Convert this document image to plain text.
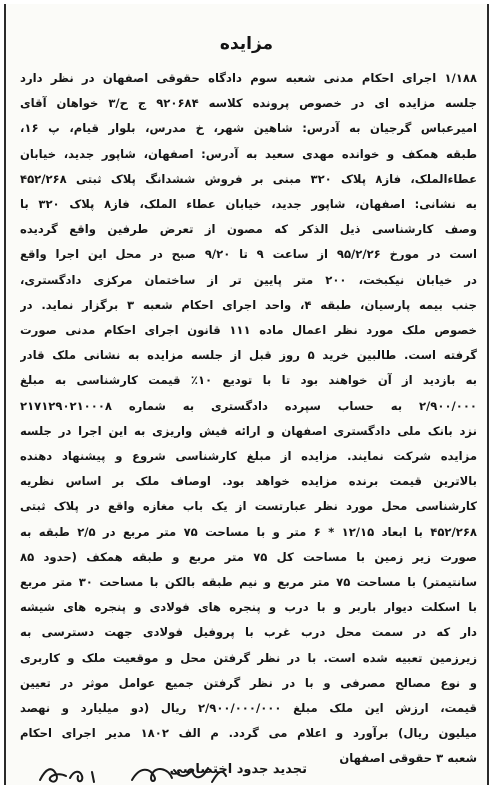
مزایده
۱/۱۸۸ اجرای احکام مدنی شعبه سوم دادگاه حقوقی اصفهان در نظر دارد
جلسه مزایده ای در خصوص پرونده کلاسه ۹۲۰۶۸۴ ج ح/۳ خواهان آقای
امیرعباس گرجیان به آدرس: شاهین شهر، خ مدرس، بلوار قیام، پ ۱۶،
طبقه همکف و خوانده مهدی سعید به آدرس: اصفهان، شاپور جدید، خیابان
عطاءالملک، فاز۸ پلاک ۳۲۰ مبنی بر فروش ششدانگ پلاک ثبتی ۴۵۲/۲۶۸
به نشانی: اصفهان، شاپور جدید، خیابان عطاء الملک، فاز۸ پلاک ۳۲۰ با
وصف کارشناسی ذیل الذکر که مصون از تعرض طرفین واقع گردیده
است در مورخ ۹۵/۲/۲۶ از ساعت ۹ تا ۹/۲۰ صبح در محل این اجرا واقع
در خیابان نیکبخت، ۲۰۰ متر پایین تر از ساختمان مرکزی دادگستری،
جنب بیمه پارسیان، طبقه ۴، واحد اجرای احکام شعبه ۳ برگزار نماید. در
خصوص ملک مورد نظر اعمال ماده ۱۱۱ قانون اجرای احکام مدنی صورت
گرفته است. طالبین خرید ۵ روز قبل از جلسه مزایده به نشانی ملک قادر
به بازدید از آن خواهند بود تا با تودیع ۱۰٪ قیمت کارشناسی به مبلغ
۲/۹۰۰/۰۰۰ به حساب سپرده دادگستری به شماره ۲۱۷۱۲۹۰۲۱۰۰۰۸
نزد بانک ملی دادگستری اصفهان و ارائه فیش واریزی به این اجرا در جلسه
مزایده شرکت نمایند. مزایده از مبلغ کارشناسی شروع و پیشنهاد دهنده
بالاترین قیمت برنده مزایده خواهد بود. اوصاف ملک بر اساس نظریه
کارشناسی محل مورد نظر عبارتست از یک باب مغازه واقع در پلاک ثبتی
۴۵۲/۲۶۸ با ابعاد ۱۲/۱۵ * ۶ متر و با مساحت ۷۵ متر مربع در ۲/۵ طبقه به
صورت زیر زمین با مساحت کل ۷۵ متر مربع و طبقه همکف (حدود ۸۵
سانتیمتر) با مساحت ۷۵ متر مربع و نیم طبقه بالکن با مساحت ۳۰ متر مربع
با اسکلت دیوار باربر و با درب و پنجره های فولادی و پنجره های شیشه
دار که در سمت محل درب غرب با پروفیل فولادی جهت دسترسی به
زیرزمین تعبیه شده است. با در نظر گرفتن محل و موقعیت ملک و کاربری
و نوع مصالح مصرفی و با در نظر گرفتن جمیع عوامل موثر در تعیین
قیمت، ارزش این ملک مبلغ ۲/۹۰۰/۰۰۰/۰۰۰ ریال (دو میلیارد و نهصد
میلیون ریال) برآورد و اعلام می گردد. م الف ۱۸۰۲ مدیر اجرای احکام
شعبه ۳ حقوقی اصفهان
تجدید جدود اختصاصی
